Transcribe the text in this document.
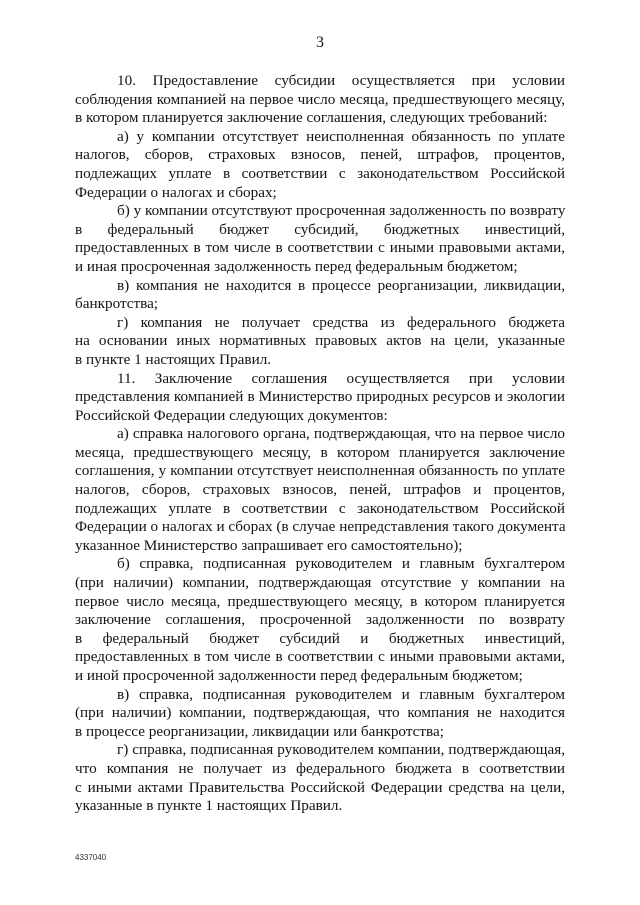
3

10. Предоставление субсидии осуществляется при условии
соблюдения компанией на первое число месяца, предшествующего месяцу,
в котором планируется заключение соглашения, следующих требований:

а) у компании отсутствует неисполненная обязанность по уплате
налогов, сборов, страховых взносов, пеней, штрафов, процентов,
подлежащих уплате в соответствии с законодательством Российской
Федерации о налогах и сборах;

б) у компании отсутствуют просроченная задолженность по возврату
в федеральный бюджет субсидий, бюджетных инвестиций,
предоставленных в том числе в соответствии с иными правовыми актами,
и иная просроченная задолженность перед федеральным бюджетом;

в) компания не находится в процессе реорганизации, ликвидации,
банкротства;

г) компания не получает средства из федерального бюджета
на основании иных нормативных правовых актов на цели, указанные
в пункте 1 настоящих Правил.

11. Заключение соглашения осуществляется при условии
представления компанией в Министерство природных ресурсов и экологии
Российской Федерации следующих документов:

а) справка налогового органа, подтверждающая, что на первое число
месяца, предшествующего месяцу, в котором планируется заключение
соглашения, у компании отсутствует неисполненная обязанность по уплате
налогов, сборов, страховых взносов, пеней, штрафов и процентов,
подлежащих уплате в соответствии с законодательством Российской
Федерации о налогах и сборах (в случае непредставления такого документа
указанное Министерство запрашивает его самостоятельно);

б) справка, подписанная руководителем и главным бухгалтером
(при наличии) компании, подтверждающая отсутствие у компании на
первое число месяца, предшествующего месяцу, в котором планируется
заключение соглашения, просроченной задолженности по возврату
в федеральный бюджет субсидий и бюджетных инвестиций,
предоставленных в том числе в соответствии с иными правовыми актами,
и иной просроченной задолженности перед федеральным бюджетом;

в) справка, подписанная руководителем и главным бухгалтером
(при наличии) компании, подтверждающая, что компания не находится
в процессе реорганизации, ликвидации или банкротства;

г) справка, подписанная руководителем компании, подтверждающая,
что компания не получает из федерального бюджета в соответствии
с иными актами Правительства Российской Федерации средства на цели,
указанные в пункте 1 настоящих Правил.

4337040
